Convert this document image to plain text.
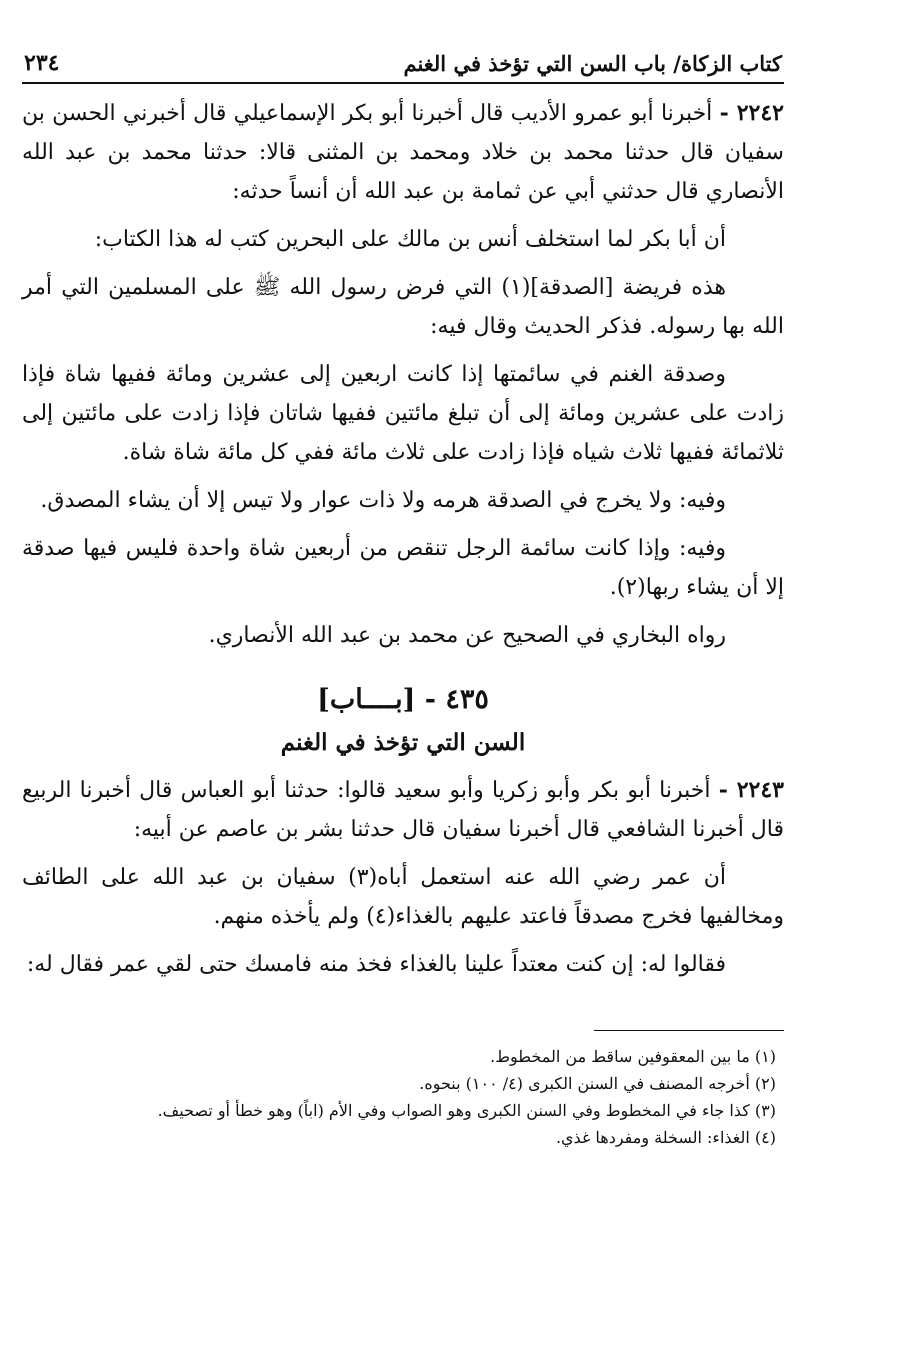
كتاب الزكاة/ باب السن التي تؤخذ في الغنم
٢٣٤

٢٢٤٢ - أخبرنا أبو عمرو الأديب قال أخبرنا أبو بكر الإسماعيلي قال أخبرني الحسن بن سفيان قال حدثنا محمد بن خلاد ومحمد بن المثنى قالا: حدثنا محمد بن عبد الله الأنصاري قال حدثني أبي عن ثمامة بن عبد الله أن أنساً حدثه:

أن أبا بكر لما استخلف أنس بن مالك على البحرين كتب له هذا الكتاب:

هذه فريضة [الصدقة](١) التي فرض رسول الله ﷺ على المسلمين التي أمر الله بها رسوله. فذكر الحديث وقال فيه:

وصدقة الغنم في سائمتها إذا كانت اربعين إلى عشرين ومائة ففيها شاة فإذا زادت على عشرين ومائة إلى أن تبلغ مائتين ففيها شاتان فإذا زادت على مائتين إلى ثلاثمائة ففيها ثلاث شياه فإذا زادت على ثلاث مائة ففي كل مائة شاة شاة.

وفيه: ولا يخرج في الصدقة هرمه ولا ذات عوار ولا تيس إلا أن يشاء المصدق.

وفيه: وإذا كانت سائمة الرجل تنقص من أربعين شاة واحدة فليس فيها صدقة إلا أن يشاء ربها(٢).

رواه البخاري في الصحيح عن محمد بن عبد الله الأنصاري.

٤٣٥ - [بــــاب]
السن التي تؤخذ في الغنم

٢٢٤٣ - أخبرنا أبو بكر وأبو زكريا وأبو سعيد قالوا: حدثنا أبو العباس قال أخبرنا الربيع قال أخبرنا الشافعي قال أخبرنا سفيان قال حدثنا بشر بن عاصم عن أبيه:

أن عمر رضي الله عنه استعمل أباه(٣) سفيان بن عبد الله على الطائف ومخالفيها فخرج مصدقاً فاعتد عليهم بالغذاء(٤) ولم يأخذه منهم.

فقالوا له: إن كنت معتداً علينا بالغذاء فخذ منه فامسك حتى لقي عمر فقال له:

(١) ما بين المعقوفين ساقط من المخطوط.

(٢) أخرجه المصنف في السنن الكبرى (٤/ ١٠٠) بنحوه.

(٣) كذا جاء في المخطوط وفي السنن الكبرى وهو الصواب وفي الأم (اباً) وهو خطأ أو تصحيف.

(٤) الغذاء: السخلة ومفردها غذي.
